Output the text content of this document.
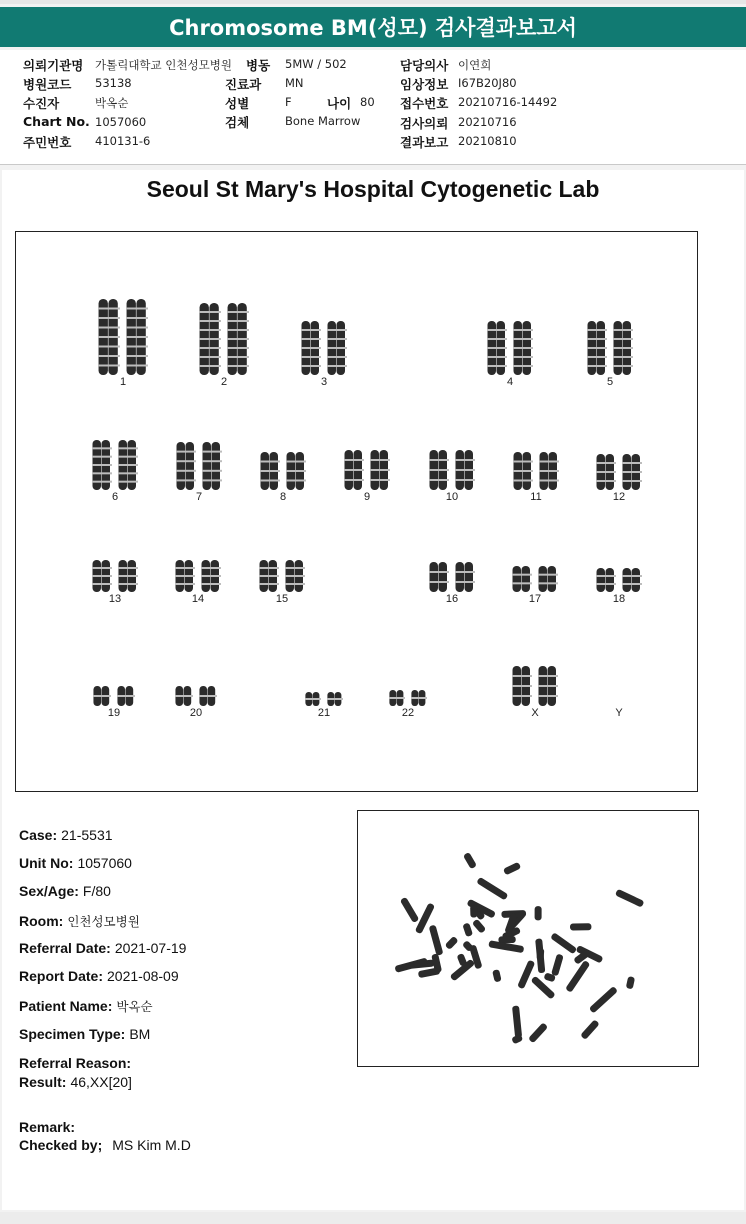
Chromosome BM(성모) 검사결과보고서
의뢰기관명 가톨릭대학교 인천성모병원 병동 5MW / 502	담당의사 이연희
병원코드 53138	진료과 MN	임상정보 I67B20J80
수진자	박옥순	성별	F	나이 80 접수번호 20210716-14492
Chart No. 1057060	검체	Bone Marrow	검사의뢰 20210716
주민번호 410131-6	결과보고 20210810
Seoul St Mary's Hospital Cytogenetic Lab
1	2	3	4	5
6	7	8	9	10	11	12
13	14	15	16	17	18
19	20	21	22	X	Y
Case: 21-5531
Unit No: 1057060
Sex/Age: F/80
Room: 인천성모병원
Referral Date: 2021-07-19
Report Date: 2021-08-09
Patient Name: 박옥순
Specimen Type: BM
Referral Reason:
Result: 46,XX[20]
Remark:
Checked by; MS Kim M.D
